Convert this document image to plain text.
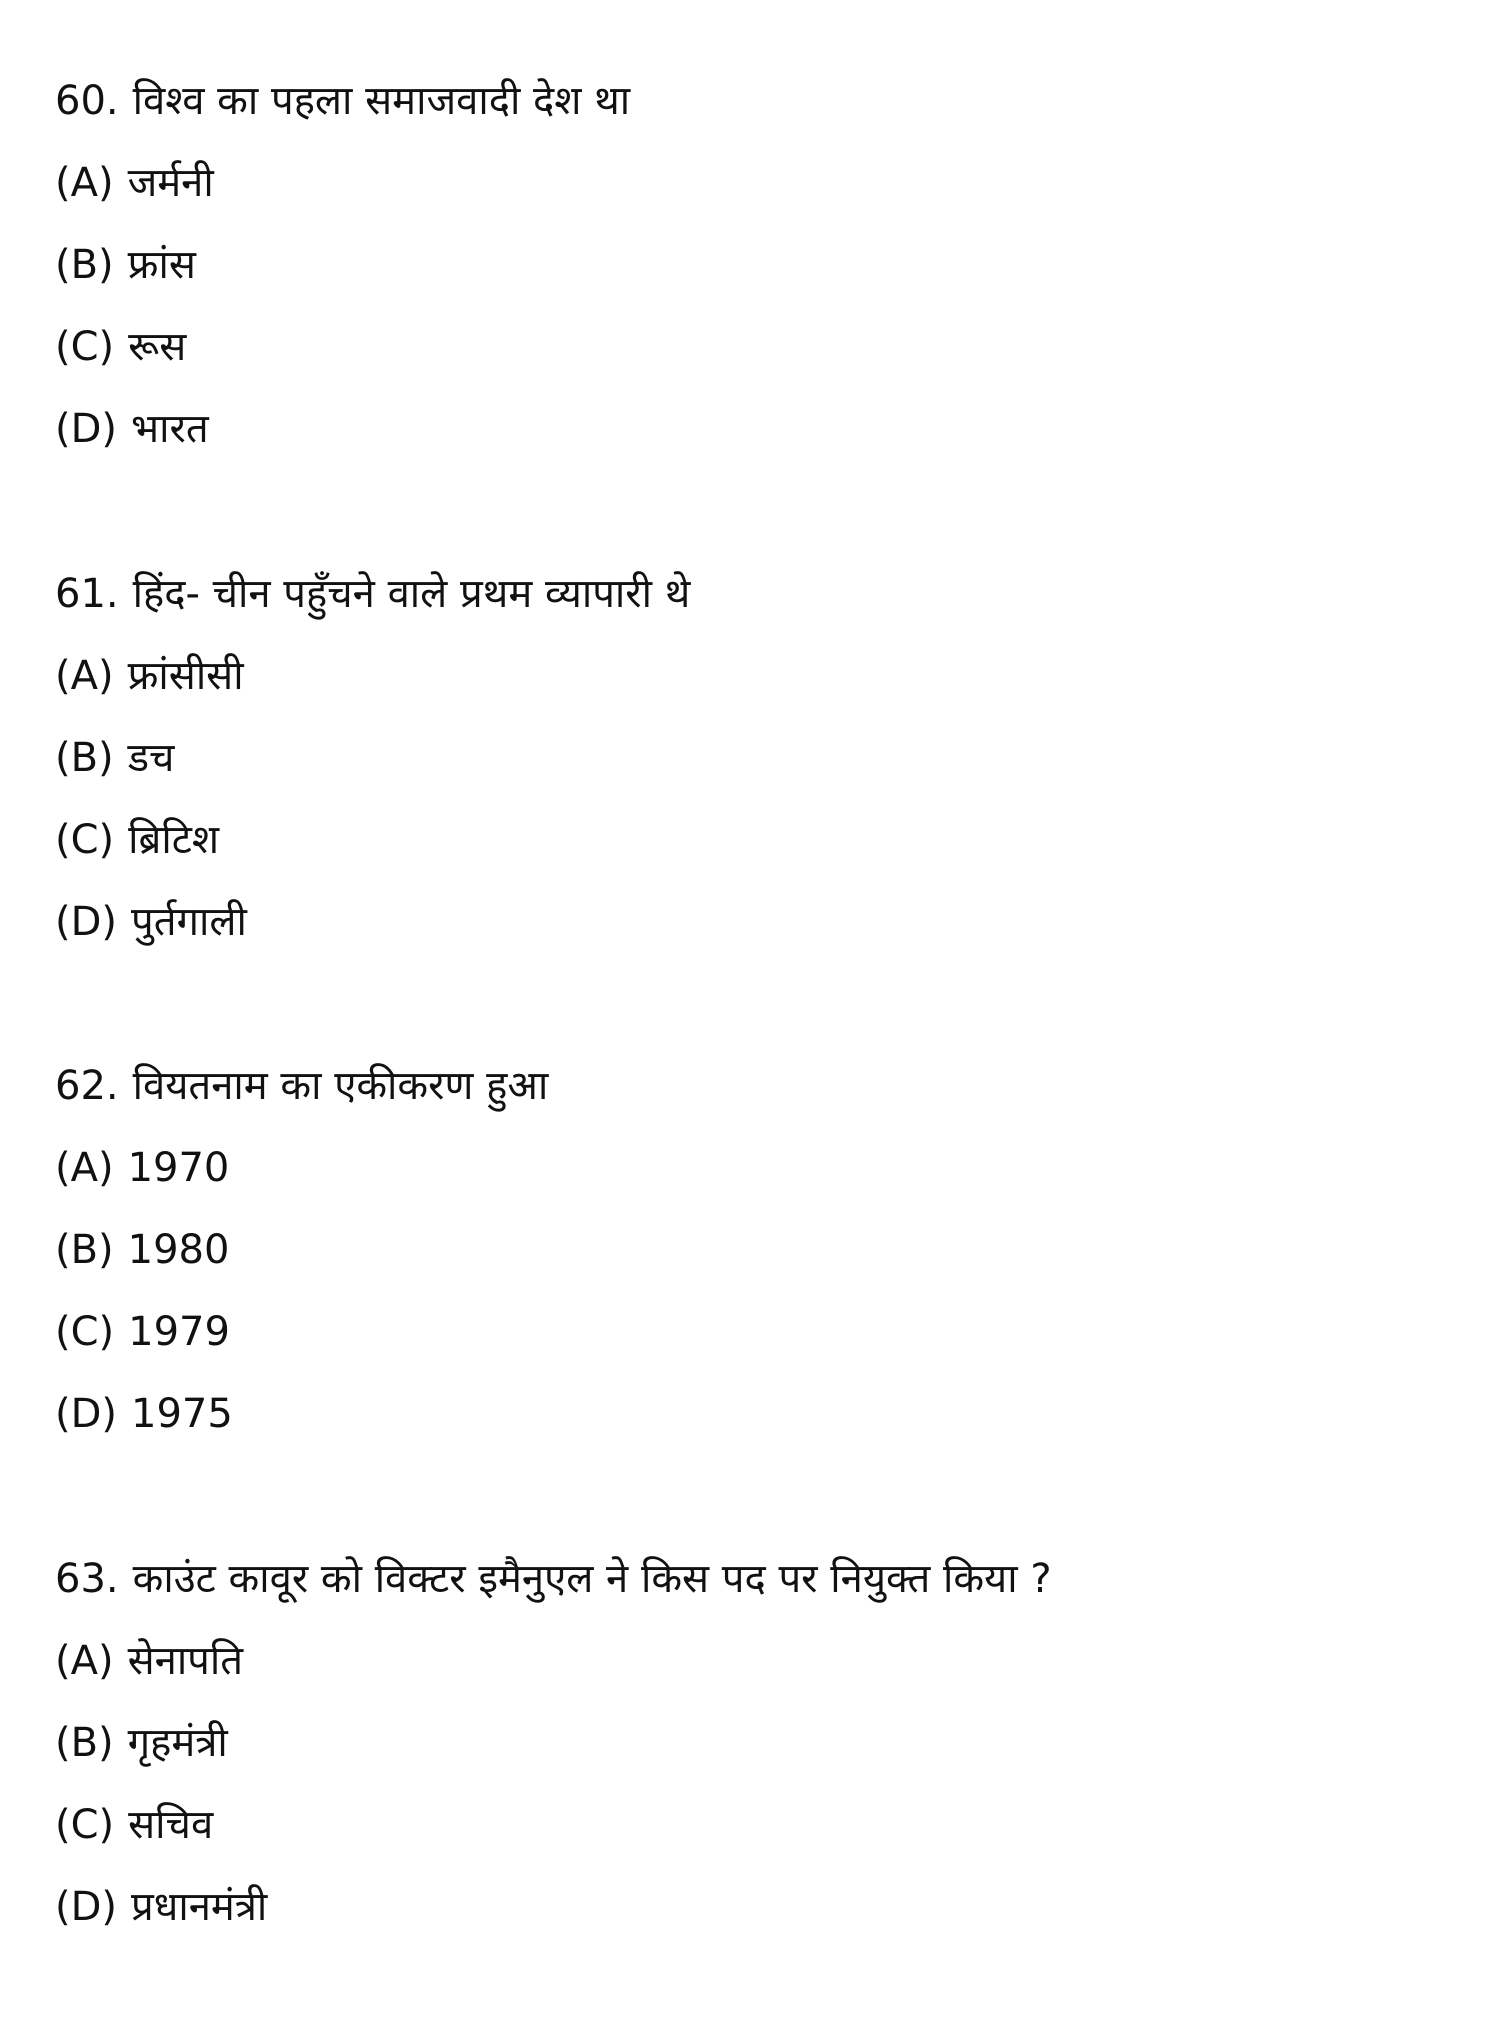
60. विश्व का पहला समाजवादी देश था
(A) जर्मनी
(B) फ्रांस
(C) रूस
(D) भारत
61. हिंद- चीन पहुँचने वाले प्रथम व्यापारी थे
(A) फ्रांसीसी
(B) डच
(C) ब्रिटिश
(D) पुर्तगाली
62. वियतनाम का एकीकरण हुआ
(A) 1970
(B) 1980
(C) 1979
(D) 1975
63. काउंट कावूर को विक्टर इमैनुएल ने किस पद पर नियुक्त किया ?
(A) सेनापति
(B) गृहमंत्री
(C) सचिव
(D) प्रधानमंत्री
